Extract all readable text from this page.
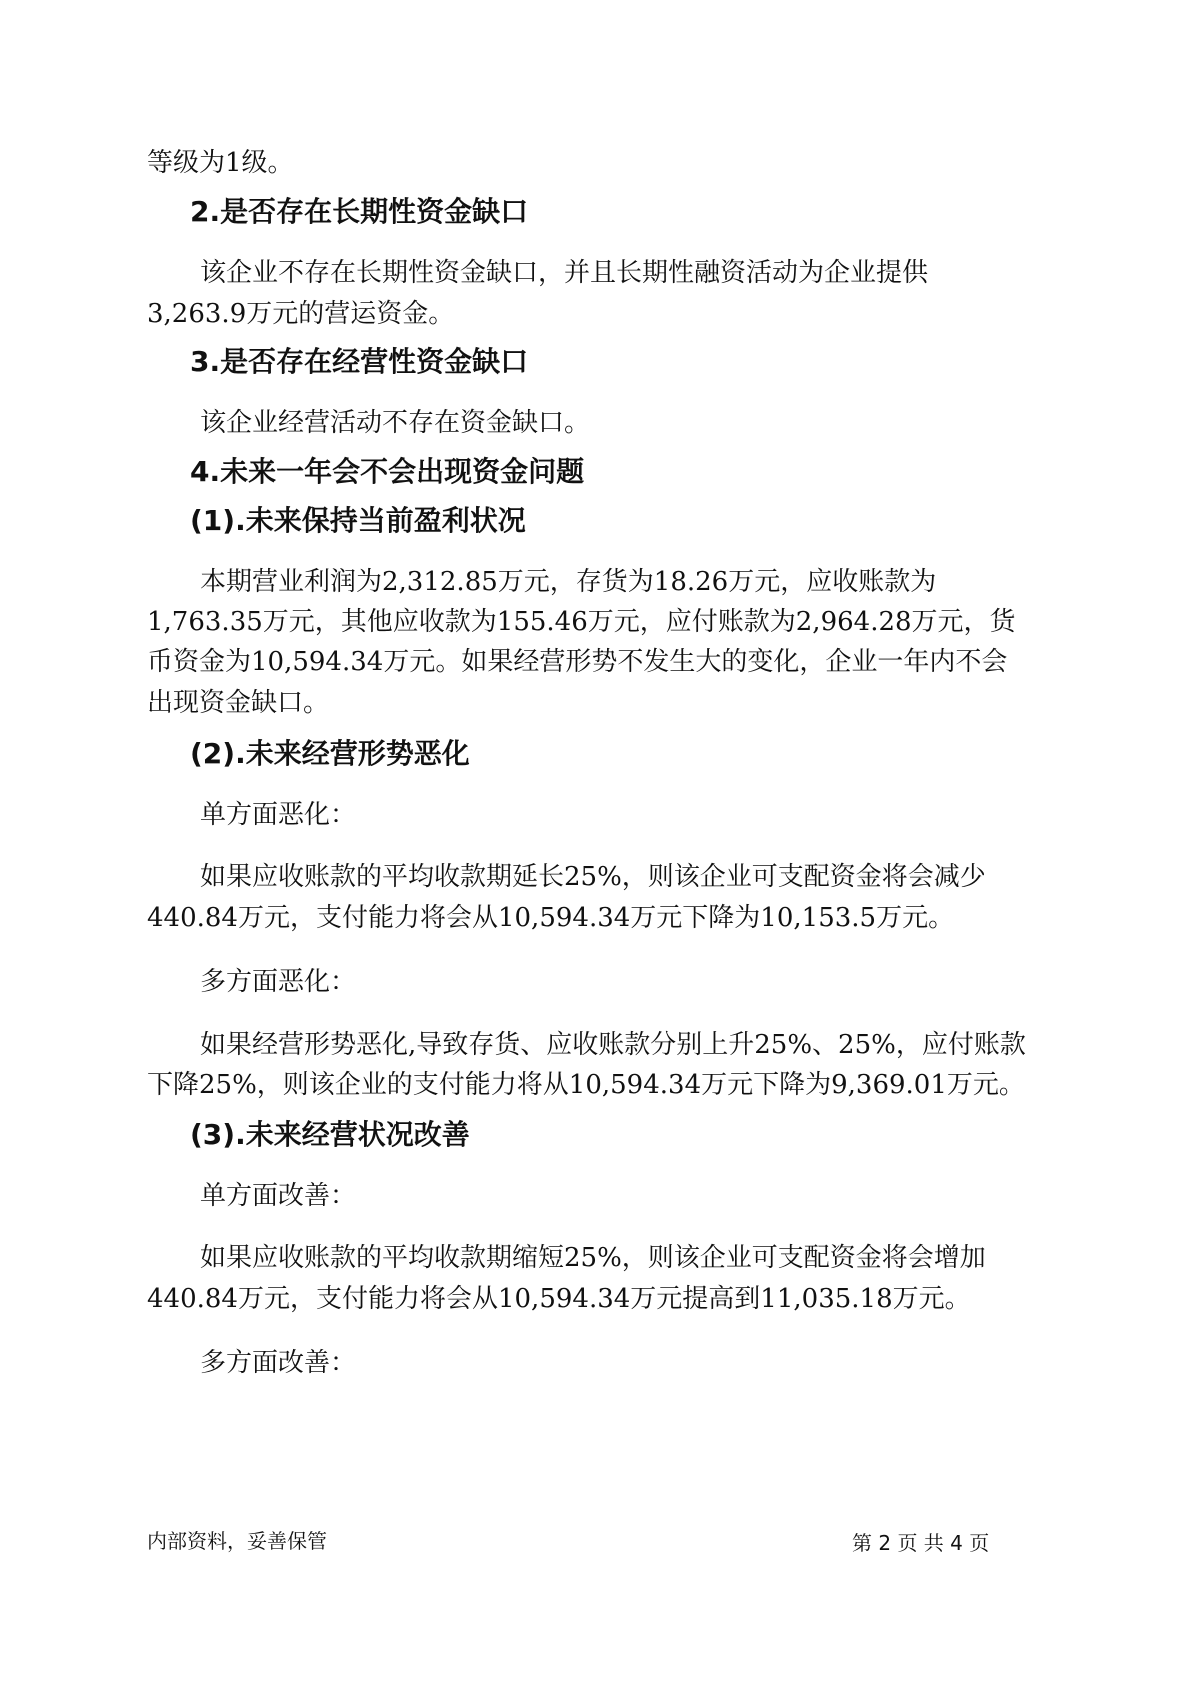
等级为1级。
2.是否存在长期性资金缺口
该企业不存在长期性资金缺口，并且长期性融资活动为企业提供
3,263.9万元的营运资金。
3.是否存在经营性资金缺口
该企业经营活动不存在资金缺口。
4.未来一年会不会出现资金问题
(1).未来保持当前盈利状况
本期营业利润为2,312.85万元，存货为18.26万元，应收账款为
1,763.35万元，其他应收款为155.46万元，应付账款为2,964.28万元，货
币资金为10,594.34万元。如果经营形势不发生大的变化，企业一年内不会
出现资金缺口。
(2).未来经营形势恶化
单方面恶化：
如果应收账款的平均收款期延长25%，则该企业可支配资金将会减少
440.84万元，支付能力将会从10,594.34万元下降为10,153.5万元。
多方面恶化：
如果经营形势恶化,导致存货、应收账款分别上升25%、25%，应付账款
下降25%，则该企业的支付能力将从10,594.34万元下降为9,369.01万元。
(3).未来经营状况改善
单方面改善：
如果应收账款的平均收款期缩短25%，则该企业可支配资金将会增加
440.84万元，支付能力将会从10,594.34万元提高到11,035.18万元。
多方面改善：
内部资料，妥善保管	第 2 页 共 4 页
